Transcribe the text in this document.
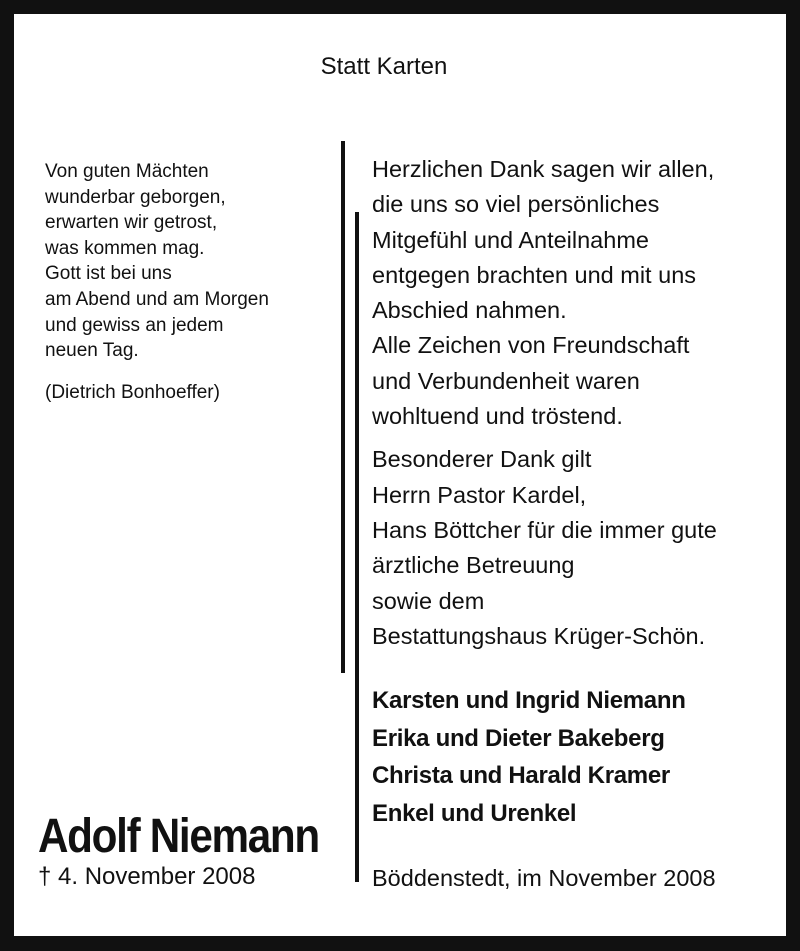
Statt Karten
Von guten Mächten
wunderbar geborgen,
erwarten wir getrost,
was kommen mag.
Gott ist bei uns
am Abend und am Morgen
und gewiss an jedem
neuen Tag.
(Dietrich Bonhoeffer)
Adolf Niemann
† 4. November 2008
Herzlichen Dank sagen wir allen,
die uns so viel persönliches
Mitgefühl und Anteilnahme
entgegen brachten und mit uns
Abschied nahmen.
Alle Zeichen von Freundschaft
und Verbundenheit waren
wohltuend und tröstend.
Besonderer Dank gilt
Herrn Pastor Kardel,
Hans Böttcher für die immer gute
ärztliche Betreuung
sowie dem
Bestattungshaus Krüger-Schön.
Karsten und Ingrid Niemann
Erika und Dieter Bakeberg
Christa und Harald Kramer
Enkel und Urenkel
Böddenstedt, im November 2008
